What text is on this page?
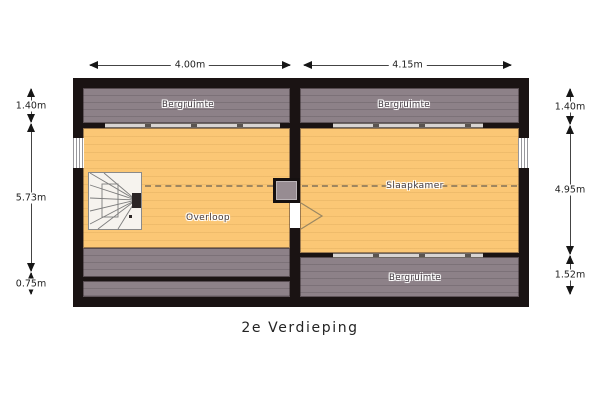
4.00m	4.15m
1.40m
5.73m
0.75m
1.40m
4.95m
1.52m
Bergruimte	Bergruimte
Overloop
Slaapkamer
Bergruimte
2e Verdieping
